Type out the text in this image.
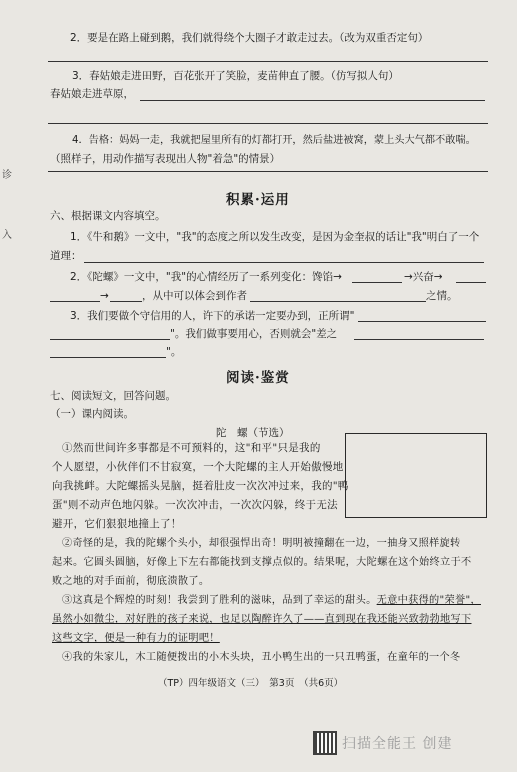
诊
入
2．要是在路上碰到鹅，我们就得绕个大圈子才敢走过去。（改为双重否定句）
3．春姑娘走进田野，百花张开了笑脸，麦苗伸直了腰。（仿写拟人句）
春姑娘走进草原，
4．告格：妈妈一走，我就把屋里所有的灯都打开，然后盐进被窝，蒙上头大气都不敢喘。
（照样子，用动作描写表现出人物"着急"的情景）
积累·运用
六、根据课文内容填空。
1．《牛和鹅》一文中，"我"的态度之所以发生改变，是因为金奎叔的话让"我"明白了一个
道理：
2．《陀螺》一文中，"我"的心情经历了一系列变化：馋馅→	→兴奋→
→	，从中可以体会到作者	之情。
3．我们要做个守信用的人，许下的承诺一定要办到，正所谓"
"。我们做事要用心，否则就会"差之
"。
阅读·鉴赏
七、阅读短文，回答问题。
（一）课内阅读。
陀　螺（节选）
①然而世间许多事都是不可预料的，这"和平"只是我的
个人愿望，小伙伴们不甘寂寞，一个大陀螺的主人开始傲慢地
向我挑衅。大陀螺摇头晃脑，挺着肚皮一次次冲过来，我的"鸭
蛋"则不动声色地闪躲。一次次冲击，一次次闪躲，终于无法
避开，它们狠狠地撞上了！
②奇怪的是，我的陀螺个头小，却很强悍出奇！明明被撞翻在一边，一抽身又照样旋转
起来。它圆头圆脑，好像上下左右都能找到支撑点似的。结果呢，大陀螺在这个始终立于不
败之地的对手面前，彻底溃散了。
③这真是个辉煌的时刻！我尝到了胜利的滋味，品到了幸运的甜头。无意中获得的"荣誉"，
虽然小如微尘，对好胜的孩子来说，也足以陶醉许久了——直到现在我还能兴致勃勃地写下
这些文字，便是一种有力的证明吧！
④我的朱家儿，木工随便拨出的小木头块，丑小鸭生出的一只丑鸭蛋，在童年的一个冬
（TP）四年级语文（三）　第3页　（共6页）
扫描全能王 创建
